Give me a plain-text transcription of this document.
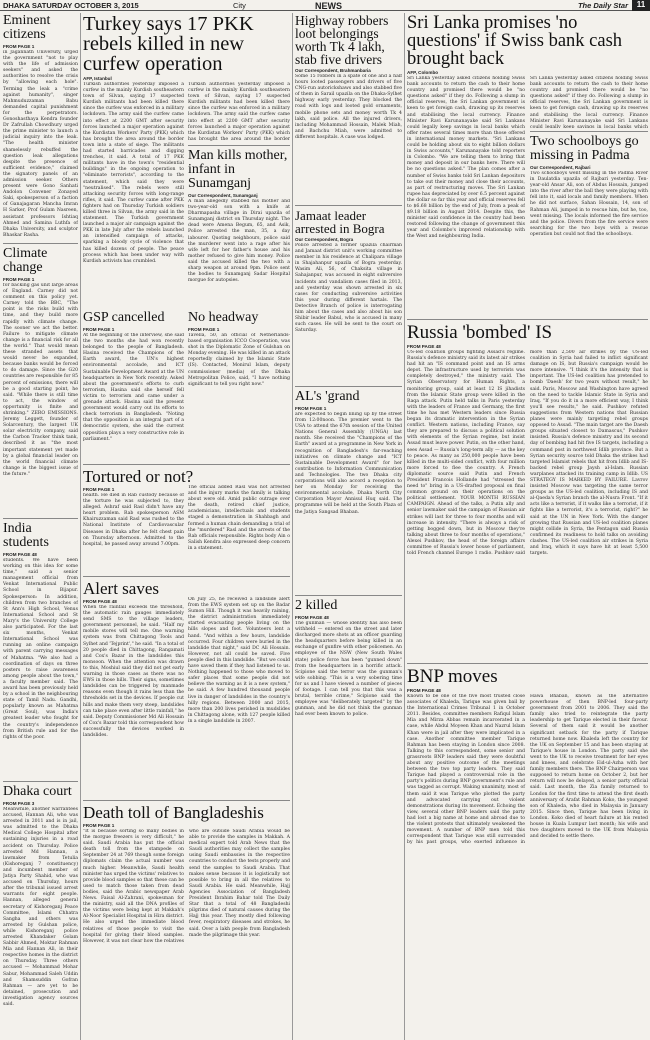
DHAKA SATURDAY OCTOBER 3, 2015	City	NEWS	The Daily Star	11
Eminent citizens
FROM PAGE 1
in Jagannath University, urged the government "not to play with the life of admission seekers" and asked the authorities to resolve the crisis by "allowing each hole". Terming the leak a "crime against humanity", singer Mahmuduzzaman Babu demanded capital punishment for the perpetrators. Gonoshasthaya Kendra founder Dr Zafrullah Chowdhury urged the prime minister to launch a judicial inquiry into the leak. "The health minister shamelessly rebuffed the question leak allegations despite the presence of sufficient evidence," claimed the signatory panels of an admission seeker. Others present were Gono Sanhati Andolon Convener Zonayed Saki, spokesperson of a faction of Ganajagaran Mancha Imran H Sarker, Prof Gulam Nasreen, assistant professors Ishtiaq Ahmed and Samina Luthfa of Dhaka University, and sculptor Bhaskar Rasha.
Climate change
FROM PAGE 1
for backing gas unit large areas of England. Carney did not comment on this policy yet. Carney told the BBC, "The point is the risks build with time, and they build more rapidly with climate change. The sooner we act the better. Failure to mitigate climate change is a financial risk for all the world." That would mean these stranded assets that would never be expanded, because banks would be forced to do damage. Since the G20 countries are responsible for 85 percent of emissions, there will be a good starting point, he said. "While there is still time to act, the window of opportunity is finite and shrinking." ZERO EMISSIONS. Jeremy Leggett, founder of Solarcentury, the largest UK solar electricity company, said the Carbon Tracker think tank, described it as "the most important statement yet made by a global financial leader on the world financial climate change is the biggest issue of the future."
India students
FROM PAGE 48
students. We have been working on this idea for some time," said a senior management official from Venkat International Public School in Bijapur. Spokesperson: In addition, children from two branches of St Ann's High School, Venus International School and St Mary's the University College also participated. For the last six months, Venkat International School was running an online campaign with parent carrying messages of Mahatma. "We also had a coordination of days on three posters to raise awareness among people about the town," a faculty member said. The award has been previously held by a school in the neighbouring state of Tamil Nadu. Gandhi, popularly known as Mahatma (Great Soul), was India's greatest leader who fought for the country's independence from British rule and for the rights of the poor.
Dhaka court
FROM PAGE 3
Meanwhile, another warrantees accused, Hannan Ali, who was arrested in 2011 and is in jail, was admitted to the Dhaka Medical College Hospital after sustaining injuries in a road accident on Thursday. Police arrested Md Hannan, a lawmaker from Tetulia (Kishoreganj 7 constituency) and incumbent member of Jatiya Party Shahid, who was accused on Thursday, hours after the tribunal issued arrest warrants for eight people. Hannan, alleged general secretary of Kishoreganj Peace Committee, Islami Chhatra Sangha and others was arrested by Gulshan police, while Kishoreganj police arrested Khandaker Golam Sabbir Ahmed, Moktar Rahman Mia and Hannan Ali, in their respective homes in the district on Thursday. Three others accused — Mohammad Mohar Sabur, Mohammad Saleh Uddin and Shamsuddin Gofran Rahman — are yet to be detained, prosecution and investigation agency sources said.
Turkey says 17 PKK rebels killed in new curfew operation
AFP, Istanbul
Turkish authorities yesterday imposed a curfew in the mainly Kurdish southeastern town of Silvan, saying 17 suspected Kurdish militants had been killed there since the curfew was enforced in a military lockdown. The army said the curfew came into effect at 2200 GMT after security forces launched a major operation against the Kurdistan Workers' Party (PKK) which has brought the area around the border town into a state of siege. The militants had started barricades and digging trenches, it said. A total of 17 PKK militants have in the town's "residential buildings" in the ongoing operation to "eliminate terrorists", according to the statement, which said they were "neutralised". The rebels were still attacking security forces with long-range rifles, it said. The curfew came after PKK fighters had on Thursday Turkish soldiers killed three in Silvan, the army said in the statement. The Turkish government launched a major air campaign against the PKK in late July after the rebels launched an intensified campaign of attacks, sparking a bloody cycle of violence that has killed dozens of people. The peace process which has been under way with Kurdish activists has crumbled.
Turkish authorities yesterday imposed a curfew in the mainly Kurdish southeastern town of Silvan, saying 17 suspected Kurdish militants had been killed there since the curfew was enforced in a military lockdown. The army said the curfew came into effect at 2200 GMT after security forces launched a major operation against the Kurdistan Workers' Party (PKK) which has brought the area around the border
Man kills mother, infant in Sunamganj
Our Correspondent, Sunamganj
A man allegedly stabbed his mother and two-year-old son with a knife at Dharmapasha village in Dirai upazila of Sunamganj district on Thursday night. The dead were Amena Begum, 65, and Asik, Police arrested the man, 35, a day labourer. Quoting neighbours, police said the murderer went into a rage after his wife left for her father's house and his mother refused to give him money. Police said the accused killed the two with a sharp weapon at around 9pm. Police sent the bodies to Sunamganj Sadar Hospital morgue for autopsies.
GSP cancelled
FROM PAGE 1
At the beginning of the interview, she said the two months she had won recently belonged to the people of Bangladesh. Hasina received the Champions of the Earth award, the UN's highest environmental accolade, and ICT Sustainable Development Award at the UN headquarters in New York recently. Asked about the government's efforts to curb terrorism, Hasina said she herself fell victim to terrorism and came under a grenade attack. Hasina said the present government would carry out its efforts to check terrorism in Bangladesh. "Noting that the opposition is an integral part of a democratic system, she said the current opposition plays a very constructive role in parliament."
No headway
FROM PAGE 1
Tavella, 50, an official of Netherlands-based organisation ICCO Cooperation, was shot in the Diplomatic Zone of Gulshan on Monday evening. He was killed in an attack reportedly claimed by the Islamic State (IS). Contacted, Monirul Islam, deputy commissioner (media) of the Dhaka Metropolitan Police, said, "I have nothing significant to tell you right now."
Tortured or not?
FROM PAGE 1
health. He died in Rab custody because of the torture he was subjected to, they alleged. Ashraf said Rasl didn't have any heart problem. Rab spokesperson ASM Khairuzzaman said Rasl was rushed to the National Institute of Cardiovascular Diseases in Dhaka after he felt chest pain on Thursday afternoon. Admitted to the hospital, he passed away around 7:00pm.
The official added Rasl was not arrested and the injury marks the family is talking about were old. Amid public outrage over the death, retired chief justice, academicians, intellectuals and students staged a demonstration in Shahbagh and formed a human chain demanding a trial of the "murdered" Rasl and the arrests of the Rab officials responsible. Rights body Ain o Salish Kendra also expressed deep concern in a statement.
Alert saves
FROM PAGE 48
When the rainfall exceeds the threshold, the automatic rain gauges immediately send SMS to the village leaders, government personnel, he said. "Half my mobile stores will tell me. One warning system was from Chittagong Tools and Sylhet and 'Tejprint'," he said. "In a total of 20 people died in Chittagong, Rangamati and Cox's Bazar in the landslides this monsoon. When the attention was drawn to this, Moshiul said they did not get early warning in those cases as there was no EWS in those hills. Their signs, sometimes landslides can be triggered by manmade reasons even though it rains less than the thresholds set in the devices. If people cut hills and make them very steep, landslides can take place even after little rainfall," he said. Deputy Commissioner Md Ali Hossain of Cox's Bazar told this correspondent how successfully the devices worked in landslides.
On July 25, he received a landslide alert from the EWS system set up on the Badar Sumon Hill. Though it was heavily raining, the district administration immediately started evacuating people living on the hills slopes and foot. Volunteers lent a hand. "And within a few hours, landslide occurred. Four children were buried in the landslide that night," said DC Ali Hossain. However, not all could be saved. Five people died in this landslide. "But we could have saved them if they had listened to us. Nothing happened to those who moved to safer places that some people did not believe the warning as it is a new system," he said. A few hundred thousand people live in danger of landslides in the country's hilly regions. Between 2000 and 2015, more than 200 lives perished in mudslides in Chittagong alone, with 127 people killed in a single landslide in 2007.
Death toll of Bangladeshis
FROM PAGE 1
"It is because sorting so many bodies in the morgue freezers is very difficult," he said. Saudi Arabia has put the official death toll from the stampede on September 24 at 769 though some foreign diplomats claim the actual number was much higher. Meanwhile, Saudi health minister has urged the victims' relatives to provide blood samples so that these can be used to match those taken from dead bodies, said the Arabic newspaper Arab News. Faisal Al-Zahrani, spokesman for the ministry, said all the DNA profiles of the victims were being kept at Makkah's Al-Noor Specialist Hospital in Hira district. He also urged the immediate blood relatives of those people to visit the hospital for giving their blood samples. However, it was not clear how the relatives who are outside Saudi Arabia would be able to provide the samples in Makkah. A medical expert told Arab News that the Saudi authorities may collect the samples using Saudi embassies in the respective countries to conduct the tests properly and send the samples to Saudi Arabia. That makes sense because it is logistically not possible to bring in all the relatives to Saudi Arabia. He said. Meanwhile, Hajj Agencies Association of Bangladesh President Ibrahim Bahar told The Daily Star that a total of 48 Bangladeshi pilgrims died of natural causes during the Hajj this year. They mostly died following fever, respiratory diseases and strokes, he said. Over a lakh people from Bangladesh made the pilgrimage this year.
Highway robbers loot belongings worth Tk 4 lakh, stab five drivers
Our Correspondent, Brahmanbaria
Some 15 robbers in a spate of one and a half hours looted passengers and drivers of five CNG-run autorickshaws and also stabbed five of them in Sarail upazila on the Dhaka-Sylhet highway early yesterday. They blocked the road with logs and looted gold ornaments, mobile phone sets and money worth Tk 4 lakh, said police. All the injured drivers, including Mohammad Hossain, Malek Miah, and Bachchu Miah, were admitted to different hospitals. A case was lodged.
Jamaat leader arrested in Bogra
Our Correspondent, Bogra
Police arrested a former upazila chairman and Jamaat district unit's working committee member in his residence at Chalipara village in Shajahanpur upazila of Bogra yesterday. Wasim Ali, 56, of Chaksita village in Sahajanpur, was accused in eight subversive incidents and vandalism cases filed in 2013, and yesterday was shown arrested in six cases for conducting subversive activities this year during different hartals. The Detective Branch of police is interrogating him about the cases and also about his son Shibir leader Babul, who is accused in many such cases. He will be sent to the court on Saturday.
AL's 'grand
FROM PAGE 1
are expected to begin lining up by the street from 12:00noon. The premier went to the USA to attend the 67th session of the United Nations General Assembly (UNGA) last month. She received the "Champions of the Earth" award at a programme in New York in recognition of Bangladesh's far-reaching initiatives on climate change and "ICT Sustainable Development Award" for her contribution to Information Communication and Technologies. The two Dhaka city corporations will also accord a reception to her on Monday for receiving the environmental accolade, Dhaka North City Corporation Mayor Annisul Huq said. The programme will be held at the South Plaza of the Jatiya Sangsad Bhaban.
2 killed
FROM PAGE 48
The gunman — whose identity has also been withheld — entered on the street and later discharged more shots at an officer guarding the headquarters before being killed in an exchange of gunfire with other policemen. An employee of the NSW (New South Wales state) police force has been "gunned down" from the headquarters in a horrific attack. Scipione said the terror was the gunman's wife sobbing. "This is a very sobering time for us and I have viewed a number of pieces of footage. I can tell you that this was a brutal, terrible crime," Scipione said the employee was "deliberately targeted" by the gunman, and he did not think the gunman had ever been known to police.
Sri Lanka promises 'no questions' if Swiss bank cash brought back
AFP, Colombo
Sri Lanka yesterday asked citizens holding Swiss bank accounts to return the cash to their home country and promised there would be "no questions asked" if they do. Following a slump in official reserves, the Sri Lankan government is keen to get foreign cash, drawing up its reserves and stabilising the local currency. Finance Minister Ravi Karunanayake said Sri Lankans could legally keep savings in local banks which offer rates several times more than those offered in international money markets. "Sri Lankans could be holding about six to eight billion dollars in Swiss accounts," Karunanayake told reporters in Colombo. "We are telling them to bring that money and deposit in our banks here. There will be no questions asked." The plan comes after a number of Swiss banks told Sri Lankan depositors to take out their money and close their accounts, as part of restructuring moves. The Sri Lankan rupee has depreciated by over 6.5 percent against the dollar so far this year and official reserves fell to $6.68 billion by the end of July, from a peak of $9.18 billion in August 2014. Despite this, the minister said confidence in the country had been restored following the change of government this year and Colombo's improved relationship with the West and neighbouring India.
Sri Lanka yesterday asked citizens holding Swiss bank accounts to return the cash to their home country and promised there would be "no questions asked" if they do. Following a slump in official reserves, the Sri Lankan government is keen to get foreign cash, drawing up its reserves and stabilising the local currency. Finance Minister Ravi Karunanayake said Sri Lankans could legally keep savings in local banks which
Two schoolboys go missing in Padma
Our Correspondent, Rajbari
Two schoolboys went missing in the Padma River in Daulatdia upazila of Rajbari yesterday. Ten-year-old Ansar Ali, son of Abdus Hossain, jumped into the river after the ball they were playing with fell into it, said locals and family members. When he did not surface, Sahan Hossain, 14, son of Rahman Ali, jumped in to rescue him, but he, too, went missing. The locals informed the fire service and the police. Divers from the fire service were searching for the two boys with a rescue operation but could not find the schoolboys.
Russia 'bombed' IS
FROM PAGE 48
US-led coalition groups fighting Assad's regime. Russia's defence ministry said its latest air strikes had hit an "IS command point and an IS arms depot. The infrastructure used by terrorists was completely destroyed," the ministry said. The Syrian Observatory for Human Rights, a monitoring group, said at least 12 IS jihadists from the Islamic State group were killed in the Raqa attack. Putin held talks in Paris yesterday with the leaders of France and Germany, the first time he has met Western leaders since Russia began its dramatic intervention in the Syrian conflict. Western nations, including France, say they are prepared to discuss a political solution with elements of the Syrian regime, but insist Assad must leave power. Putin, on the other hand, sees Assad — Russia's long-term ally — as the key to peace. As many as 250,000 people have been killed in the multi-sided conflict, with four million more forced to flee the country. A French diplomatic source said Putin and French President Francois Hollande had "stressed the need to" bring in a US-drafted proposal on final common ground on their operations on the political settlement. YOUR MONTH RUSSIAN CAMPAIGN. Ahead of the talks, a Putin ally and senior lawmaker said the campaign of Russian air strikes will last for three to four months and will increase in intensity. "There is always a risk of getting bogged down, but in Moscow they're talking about three to four months of operations," Alexei Pushkov, the head of the foreign affairs committee of Russia's lower house of parliament, told French channel Europe 1 radio. Pushkov said more than 2,500 air strikes by the US-led coalition in Syria had failed to inflict significant damage on IS, but Russia's campaign would be more intensive. "I think it's the intensity that is important. The US-led coalition has pretended to bomb 'Daesh' for two years without result," he said. Paris, Moscow and Washington have agreed on the need to tackle Islamic State in Syria and Iraq. "If you do it in a more efficient way, I think you'll see results," he said. Pushkov refuted suggestions from Western nations that Russian planes were mainly targeting rebel groups opposed to Assad. "The main target are the Daesh groups situated closest to Damascus," Pushkov insisted. Russia's defence ministry and its second day of bombing had hit five IS targets, including a command post in northwest Idlib province. But a Syrian security source told Dhaka the strikes had targeted Islamist rebels that hit from Idlib and IS-backed rebel group Jaysh al-Islam. Russian warplanes attacked its training camp in Idlib. US STRATEGY IS MARKED BY FAILURE. Lavrov insisted Moscow was targeting the same terror groups as the US-led coalition, including IS and al-Qaeda's Syrian branch the al-Nusra Front. "If it acts like a terrorist, if it walks like a terrorist, if it fights like a terrorist, it's a terrorist, right?" he said at the UN in New York. With the danger growing that Russian and US-led coalition planes might collide in Syria, the Pentagon said Russia confirmed its readiness to hold talks on avoiding clashes. The US-led coalition air strikes in Syria and Iraq, which it says have hit at least 5,500 targets.
BNP moves
FROM PAGE 48
Known to be one of the five most trusted close associates of Khaleda, Tarique was given bail by the International Crimes Tribunal 1 in October 2011. Besides, committee members Rafiqul Islam Mia and Mirza Abbas remain incarcerated in a case, while Abdul Moyeen Khan and Nazrul Islam Khan were in jail after they were implicated in a case. Another committee member Tarique Rahman has been staying in London since 2008. Talking to this correspondent, some senior and grassroots BNP leaders said they were doubtful about any positive outcome of the meetings between the two top party leaders. They said Tarique had played a controversial role in the party's politics during BNP government's rule and was tagged as corrupt. Waking unanimity, most of them said it was Tarique who plotted the party and advocated carrying out violent demonstrations during its movement. Echoing the view, several other BNP leaders said the party had lost a big name at home and abroad due to the violent protests that ultimately weakened the movement. A number of BNP men told this correspondent that Tarique was still surrounded by his past groups, who exerted influence in Hawa Bhaban, known as the alternative powerhouse of then BNP-led four-party government from 2001 to 2006. They said the family also tried to reintegrate the party leadership to get Tarique elected in their favour. Several of them said it would be another significant setback for the party if Tarique returned home now. Khaleda left the country for the UK on September 15 and has been staying at Tarique's house in London. The party said she went to the UK to receive treatment for her eyes and knees, and celebrate Eid-ul-Azha with her family members there. The BNP Chairperson was supposed to return home on October 2, but her return will now be delayed, a senior party official said. Last month, the Zia family returned to London for the first time to attend the first death anniversary of Arafat Rahman Koko, the youngest son of Khaleda, who died in Malaysia in January 2015. Since then, Tarique has been living in London. Koko died of heart failure at his rented house in Kuala Lumpur last month; his wife and two daughters moved to the UK from Malaysia and decided to settle there.
